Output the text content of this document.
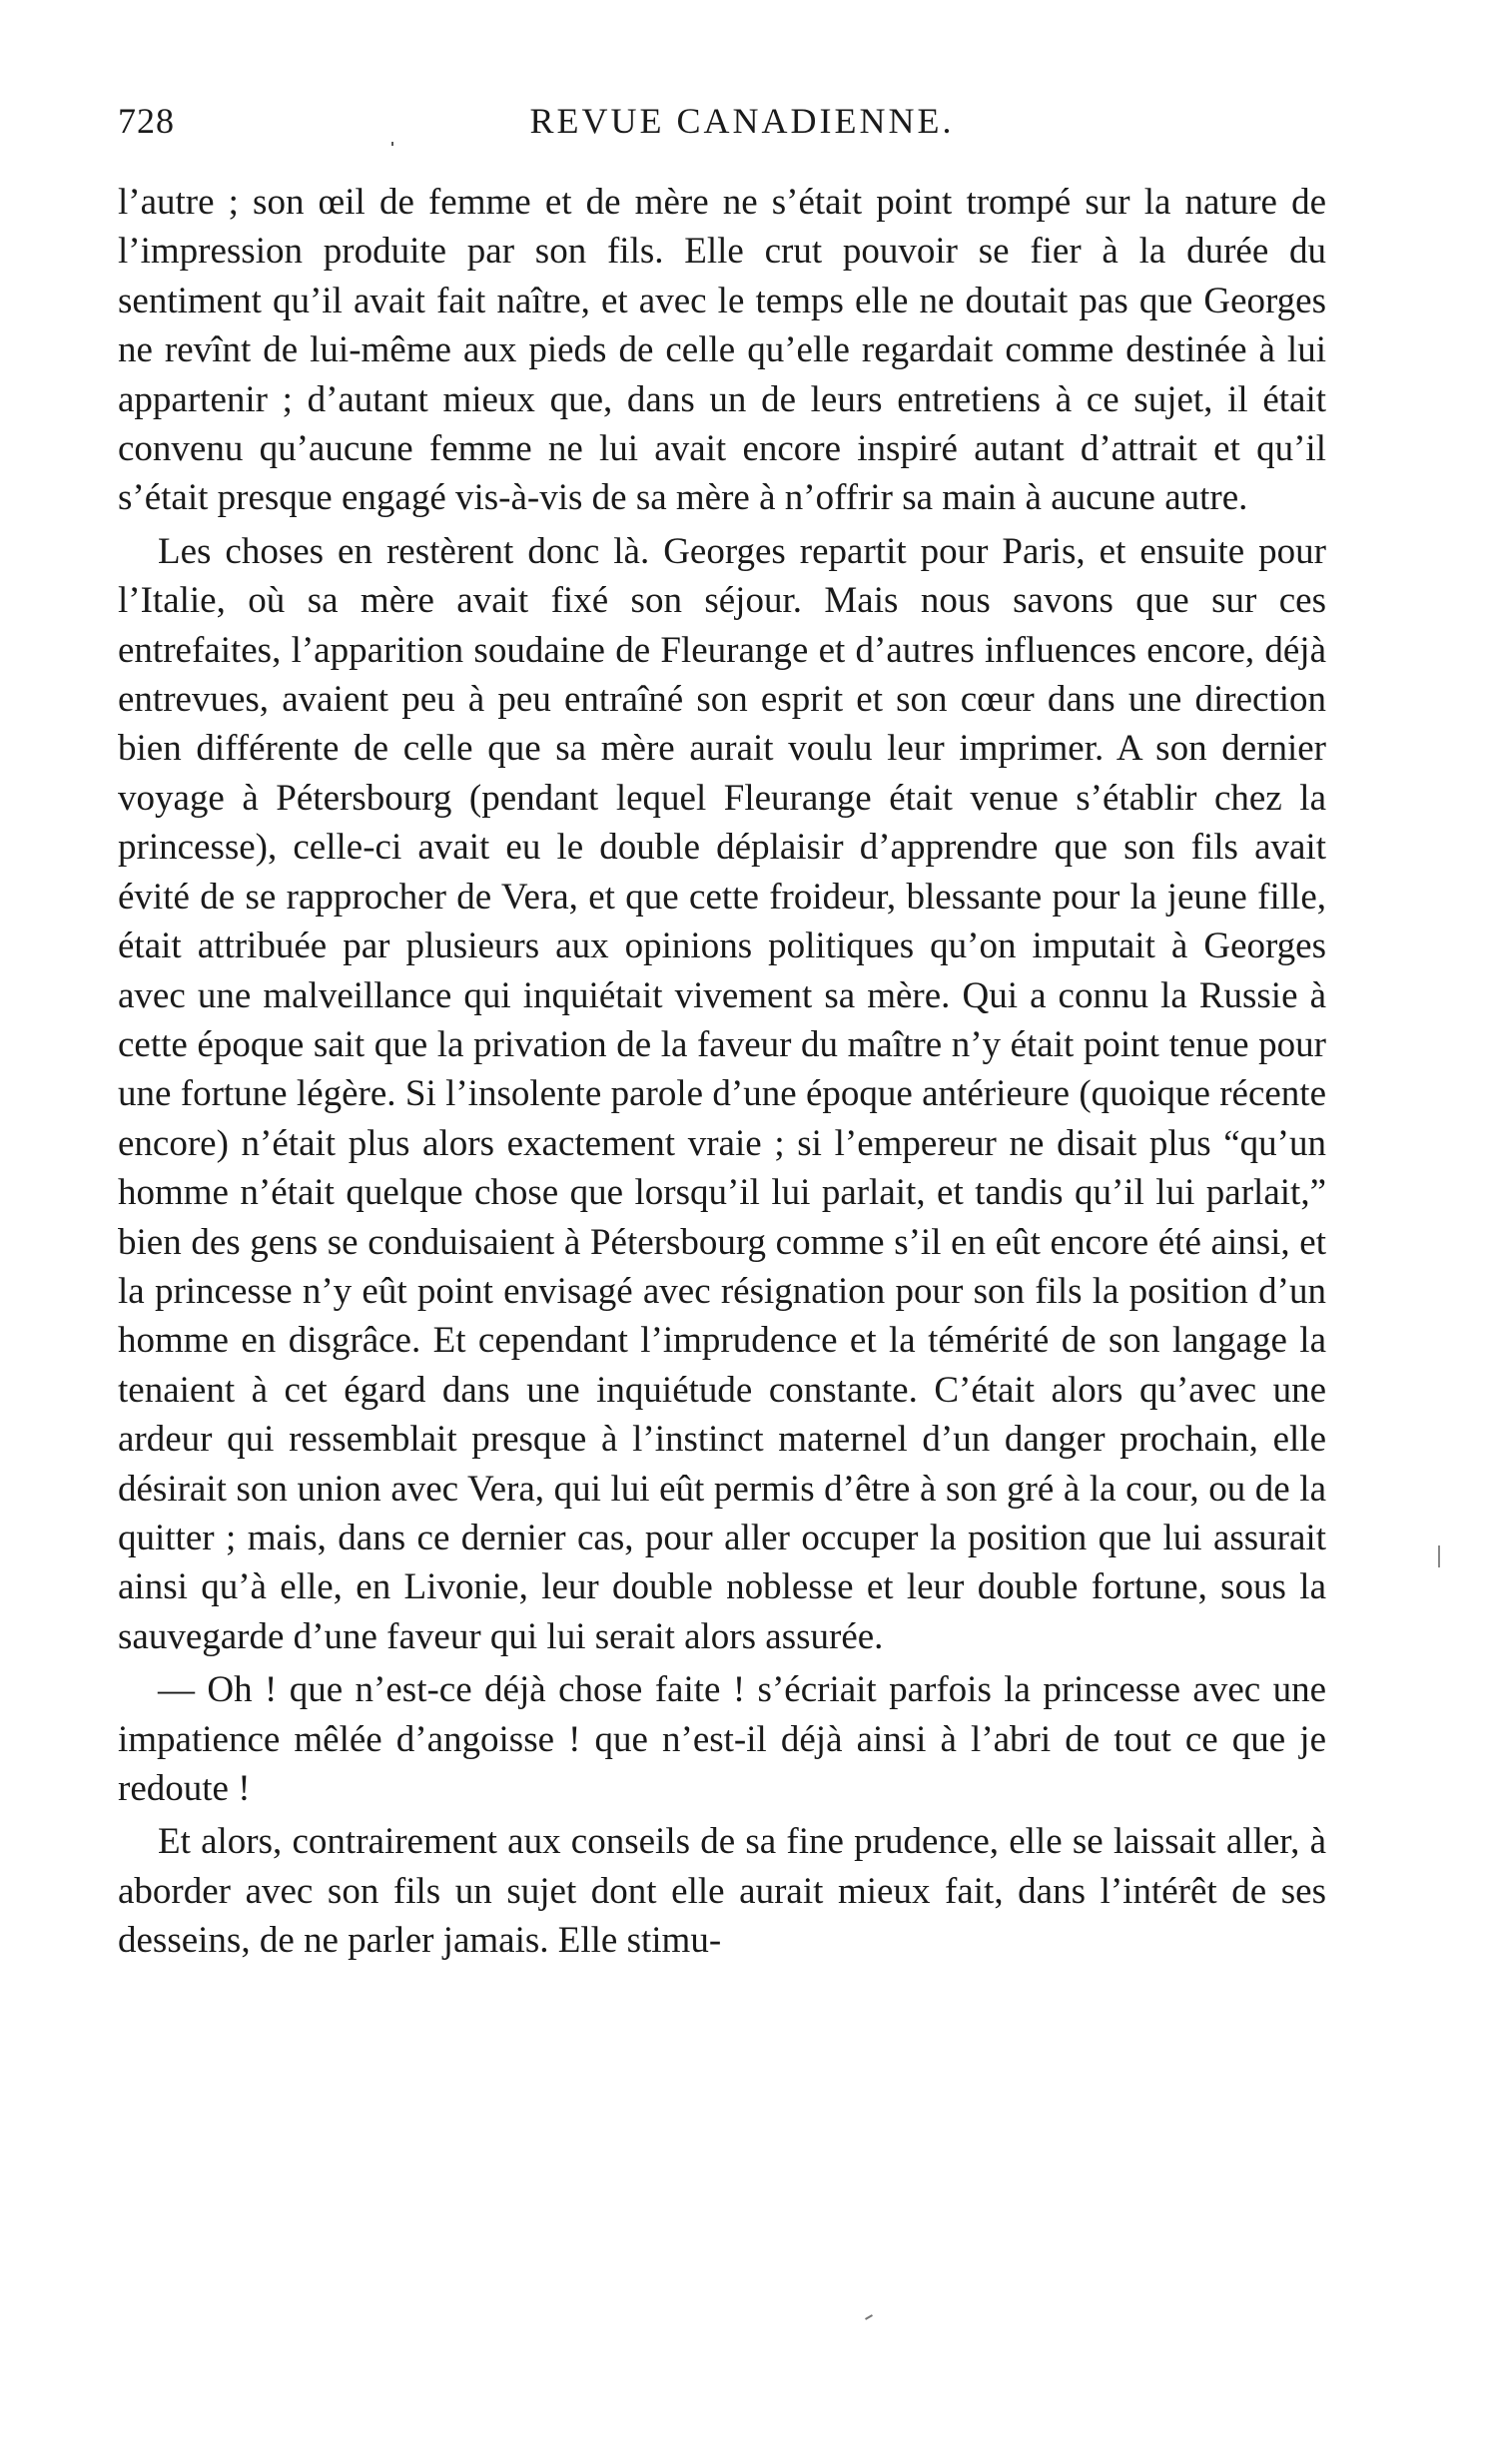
728	REVUE CANADIENNE.

l’autre ; son œil de femme et de mère ne s’était point trompé sur la nature de l’impression produite par son fils. Elle crut pouvoir se fier à la durée du sentiment qu’il avait fait naître, et avec le temps elle ne doutait pas que Georges ne revînt de lui-même aux pieds de celle qu’elle regardait comme destinée à lui appartenir ; d’autant mieux que, dans un de leurs entretiens à ce sujet, il était convenu qu’aucune femme ne lui avait encore inspiré autant d’attrait et qu’il s’était presque engagé vis-à-vis de sa mère à n’offrir sa main à aucune autre.

Les choses en restèrent donc là. Georges repartit pour Paris, et ensuite pour l’Italie, où sa mère avait fixé son séjour. Mais nous savons que sur ces entrefaites, l’apparition soudaine de Fleurange et d’autres influences encore, déjà entrevues, avaient peu à peu entraîné son esprit et son cœur dans une direction bien différente de celle que sa mère aurait voulu leur imprimer. A son dernier voyage à Pétersbourg (pendant lequel Fleurange était venue s’établir chez la princesse), celle-ci avait eu le double déplaisir d’apprendre que son fils avait évité de se rapprocher de Vera, et que cette froideur, blessante pour la jeune fille, était attribuée par plusieurs aux opinions politiques qu’on imputait à Georges avec une malveillance qui inquiétait vivement sa mère. Qui a connu la Russie à cette époque sait que la privation de la faveur du maître n’y était point tenue pour une fortune légère. Si l’insolente parole d’une époque antérieure (quoique récente encore) n’était plus alors exactement vraie ; si l’empereur ne disait plus “qu’un homme n’était quelque chose que lorsqu’il lui parlait, et tandis qu’il lui parlait,” bien des gens se conduisaient à Pétersbourg comme s’il en eût encore été ainsi, et la princesse n’y eût point envisagé avec résignation pour son fils la position d’un homme en disgrâce. Et cependant l’imprudence et la témérité de son langage la tenaient à cet égard dans une inquiétude constante. C’était alors qu’avec une ardeur qui ressemblait presque à l’instinct maternel d’un danger prochain, elle désirait son union avec Vera, qui lui eût permis d’être à son gré à la cour, ou de la quitter ; mais, dans ce dernier cas, pour aller occuper la position que lui assurait ainsi qu’à elle, en Livonie, leur double noblesse et leur double fortune, sous la sauvegarde d’une faveur qui lui serait alors assurée.

— Oh ! que n’est-ce déjà chose faite ! s’écriait parfois la princesse avec une impatience mêlée d’angoisse ! que n’est-il déjà ainsi à l’abri de tout ce que je redoute !

Et alors, contrairement aux conseils de sa fine prudence, elle se laissait aller, à aborder avec son fils un sujet dont elle aurait mieux fait, dans l’intérêt de ses desseins, de ne parler jamais. Elle stimu-
